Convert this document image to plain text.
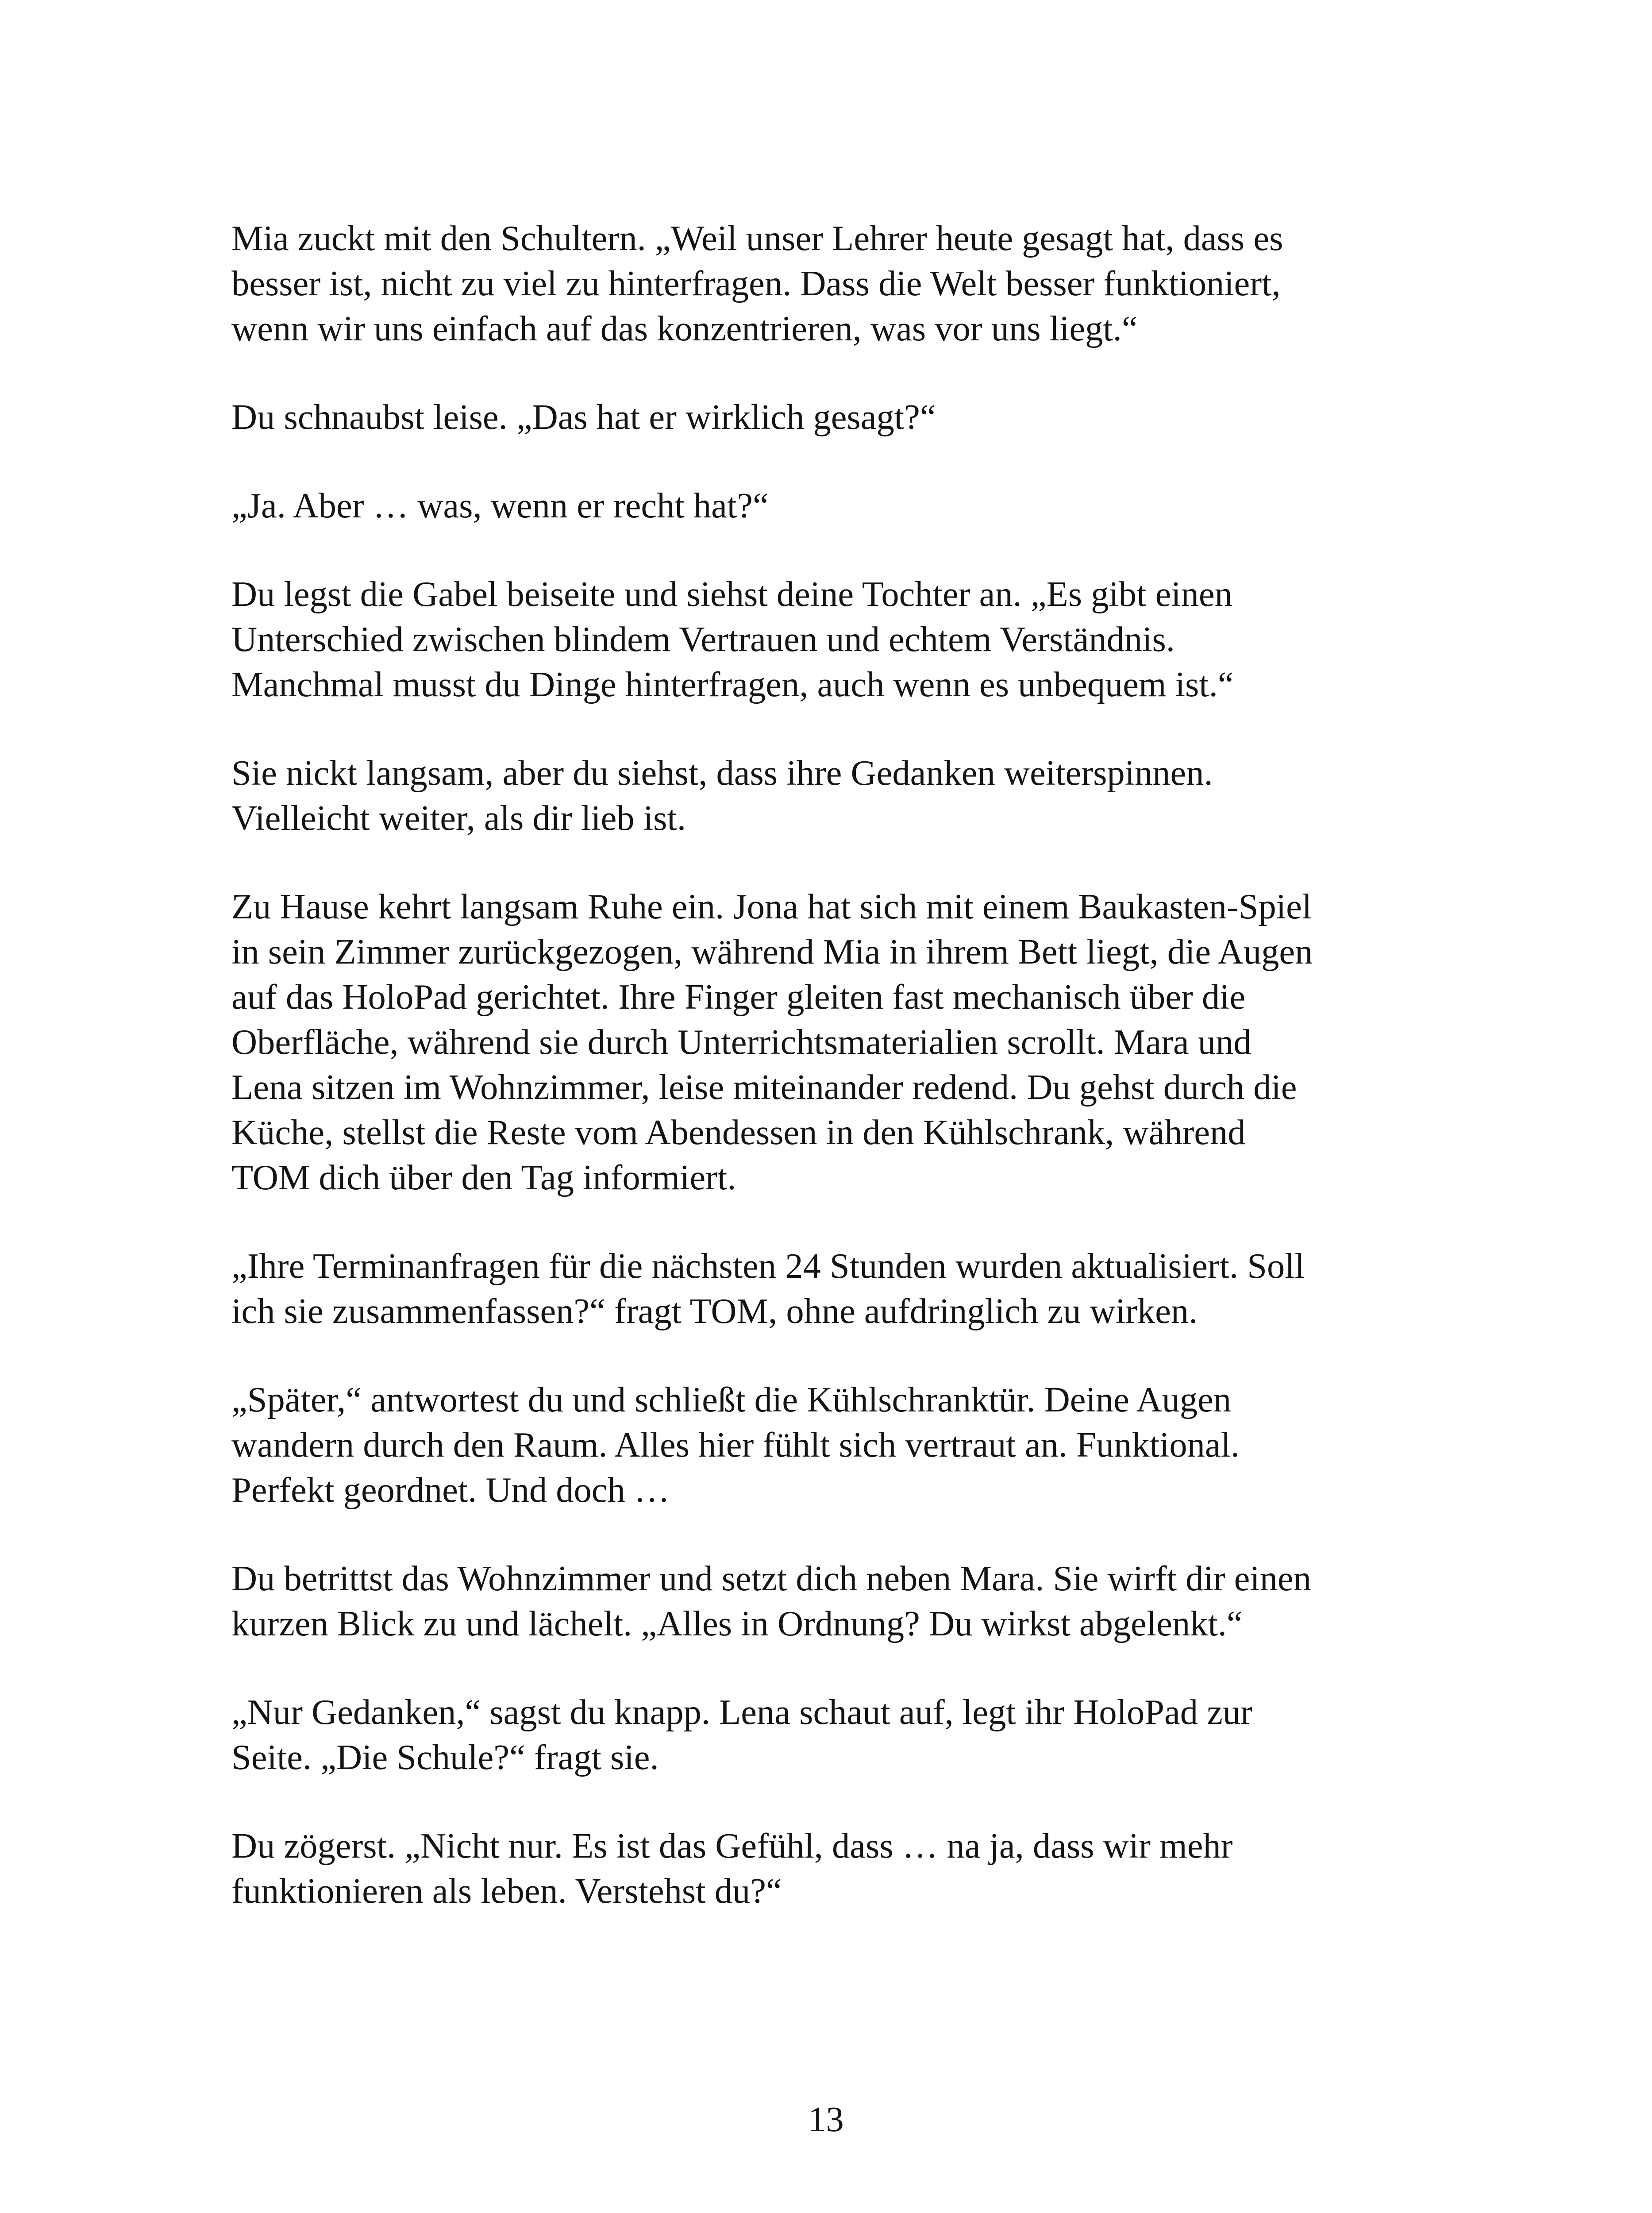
Mia zuckt mit den Schultern. „Weil unser Lehrer heute gesagt hat, dass es
besser ist, nicht zu viel zu hinterfragen. Dass die Welt besser funktioniert,
wenn wir uns einfach auf das konzentrieren, was vor uns liegt.“

Du schnaubst leise. „Das hat er wirklich gesagt?“

„Ja. Aber … was, wenn er recht hat?“

Du legst die Gabel beiseite und siehst deine Tochter an. „Es gibt einen
Unterschied zwischen blindem Vertrauen und echtem Verständnis.
Manchmal musst du Dinge hinterfragen, auch wenn es unbequem ist.“

Sie nickt langsam, aber du siehst, dass ihre Gedanken weiterspinnen.
Vielleicht weiter, als dir lieb ist.

Zu Hause kehrt langsam Ruhe ein. Jona hat sich mit einem Baukasten-Spiel
in sein Zimmer zurückgezogen, während Mia in ihrem Bett liegt, die Augen
auf das HoloPad gerichtet. Ihre Finger gleiten fast mechanisch über die
Oberfläche, während sie durch Unterrichtsmaterialien scrollt. Mara und
Lena sitzen im Wohnzimmer, leise miteinander redend. Du gehst durch die
Küche, stellst die Reste vom Abendessen in den Kühlschrank, während
TOM dich über den Tag informiert.

„Ihre Terminanfragen für die nächsten 24 Stunden wurden aktualisiert. Soll
ich sie zusammenfassen?“ fragt TOM, ohne aufdringlich zu wirken.

„Später,“ antwortest du und schließt die Kühlschranktür. Deine Augen
wandern durch den Raum. Alles hier fühlt sich vertraut an. Funktional.
Perfekt geordnet. Und doch …

Du betrittst das Wohnzimmer und setzt dich neben Mara. Sie wirft dir einen
kurzen Blick zu und lächelt. „Alles in Ordnung? Du wirkst abgelenkt.“

„Nur Gedanken,“ sagst du knapp. Lena schaut auf, legt ihr HoloPad zur
Seite. „Die Schule?“ fragt sie.

Du zögerst. „Nicht nur. Es ist das Gefühl, dass … na ja, dass wir mehr
funktionieren als leben. Verstehst du?“

13
